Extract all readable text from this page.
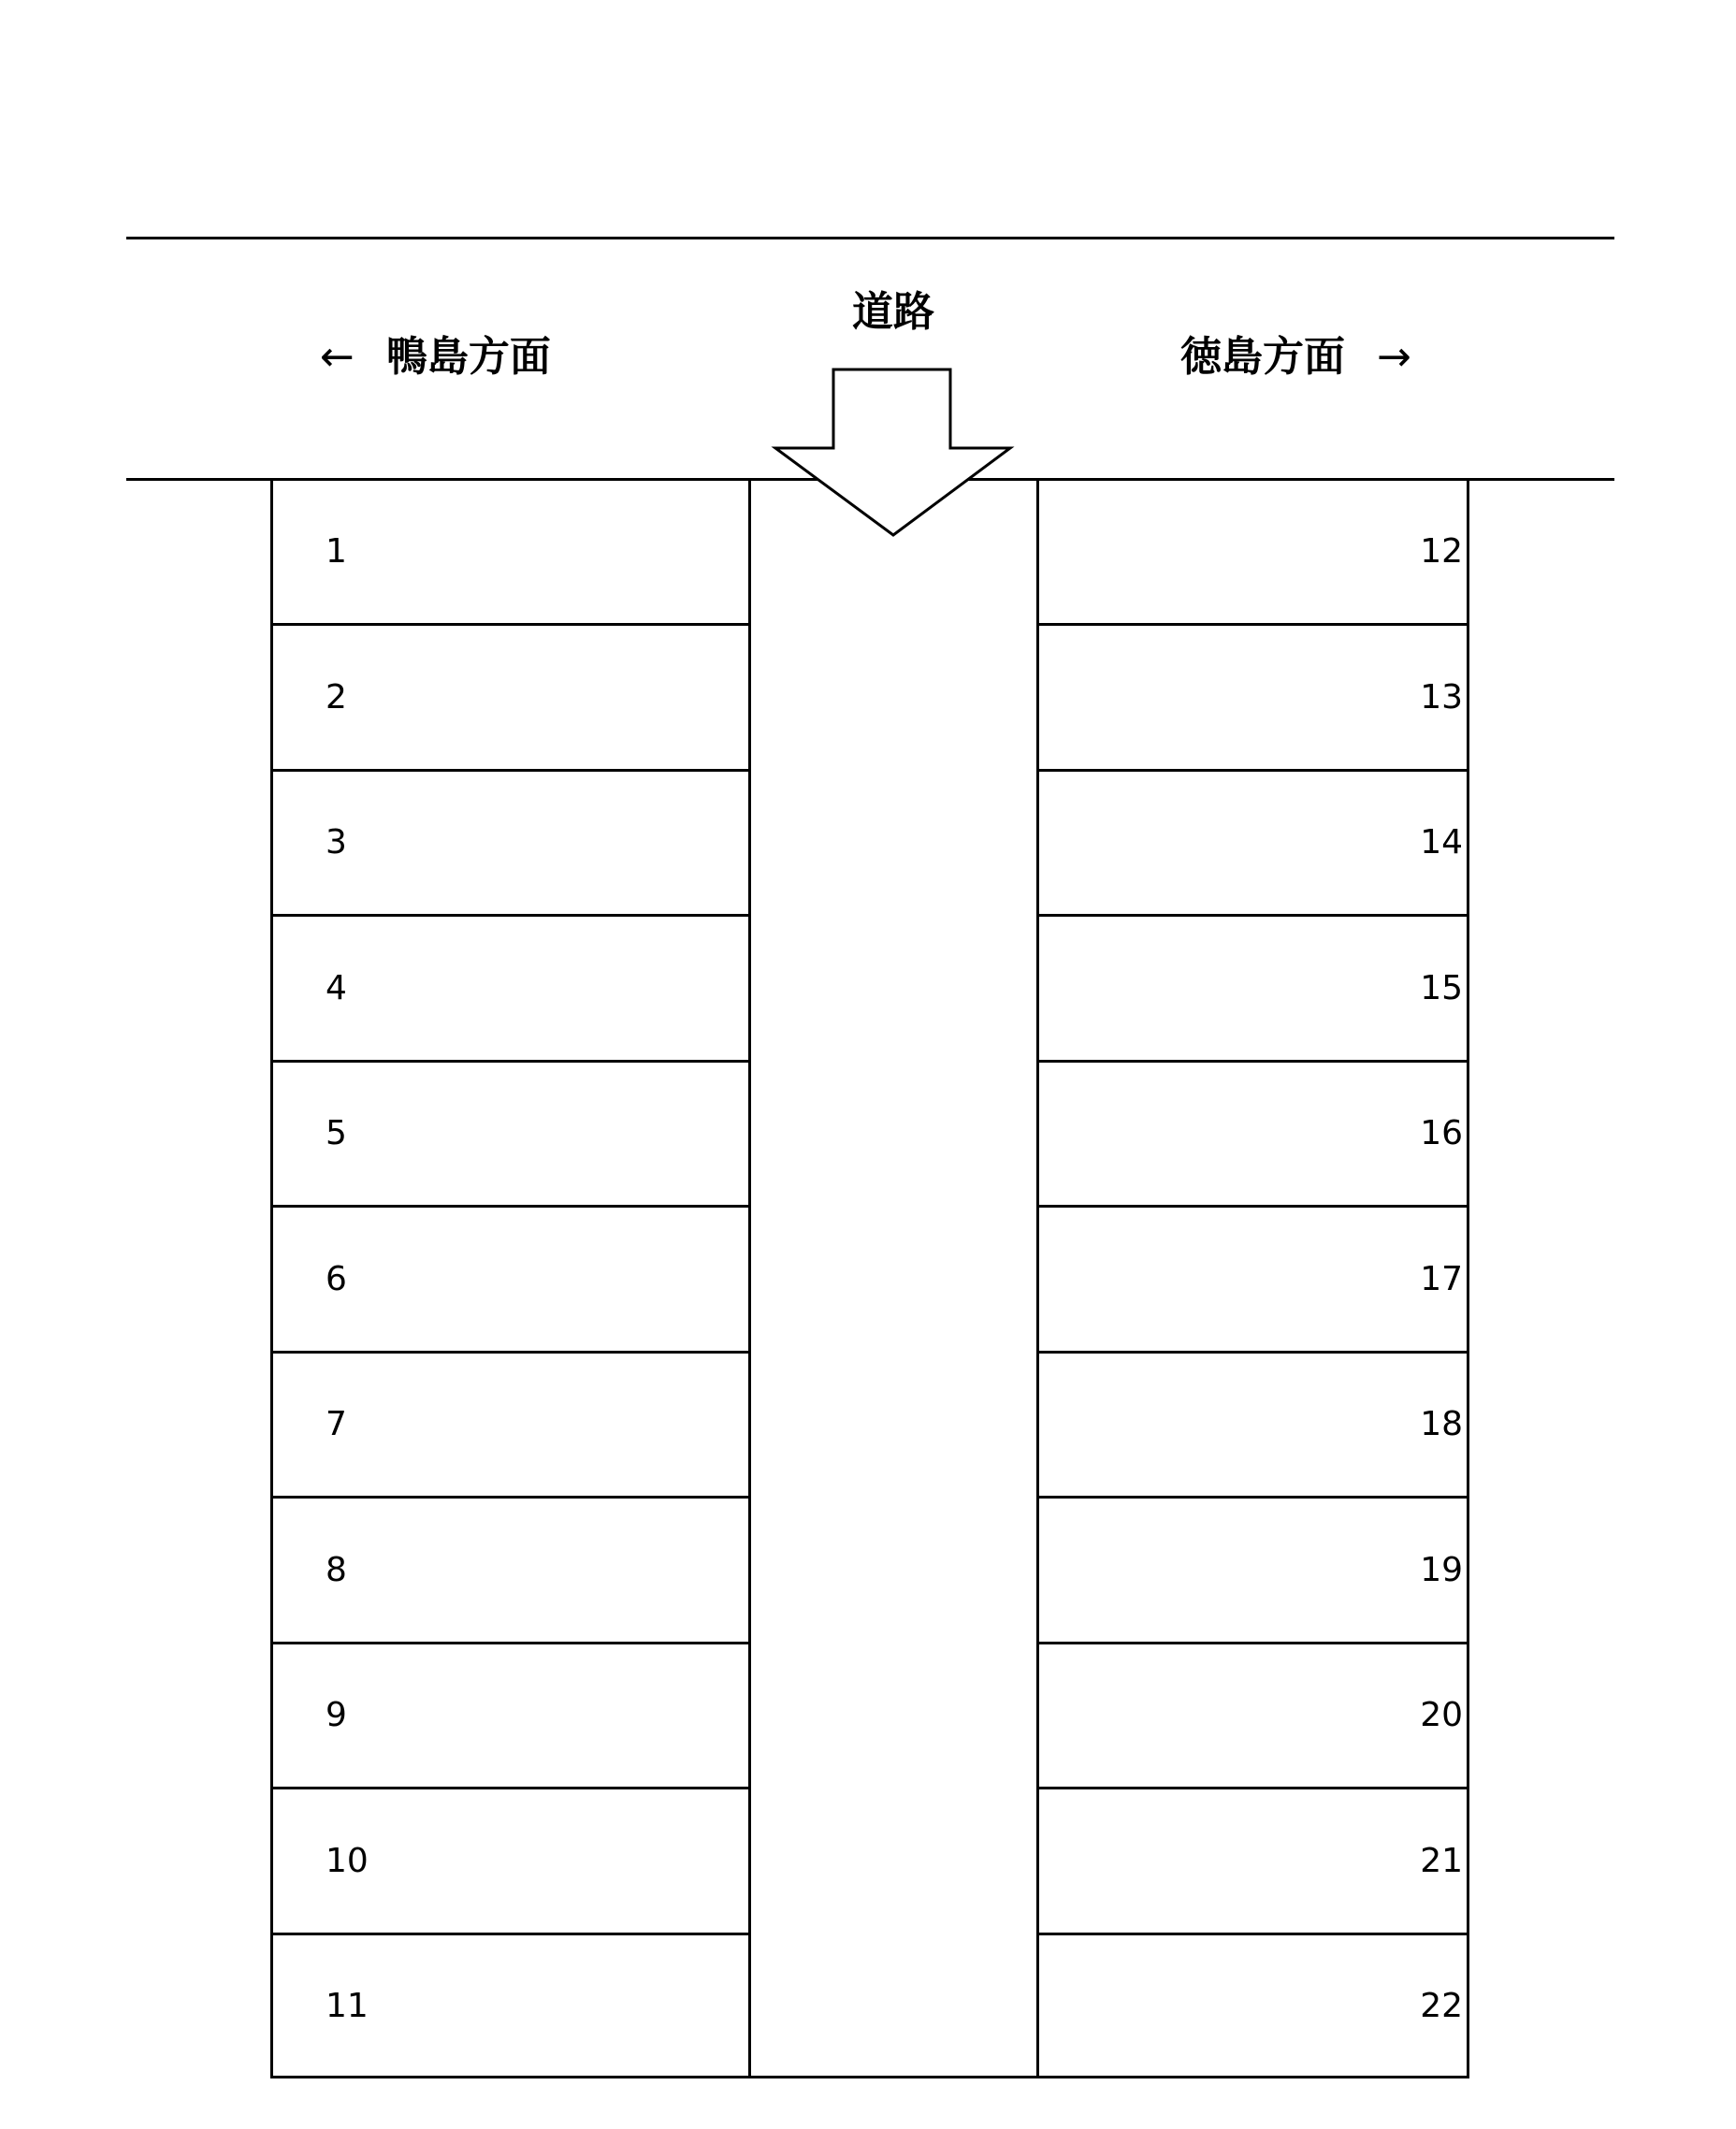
道路
← 鴨島方面	徳島方面 →
1
2
3
4
5
6
7
8
9
10
11
12
13
14
15
16
17
18
19
20
21
22
